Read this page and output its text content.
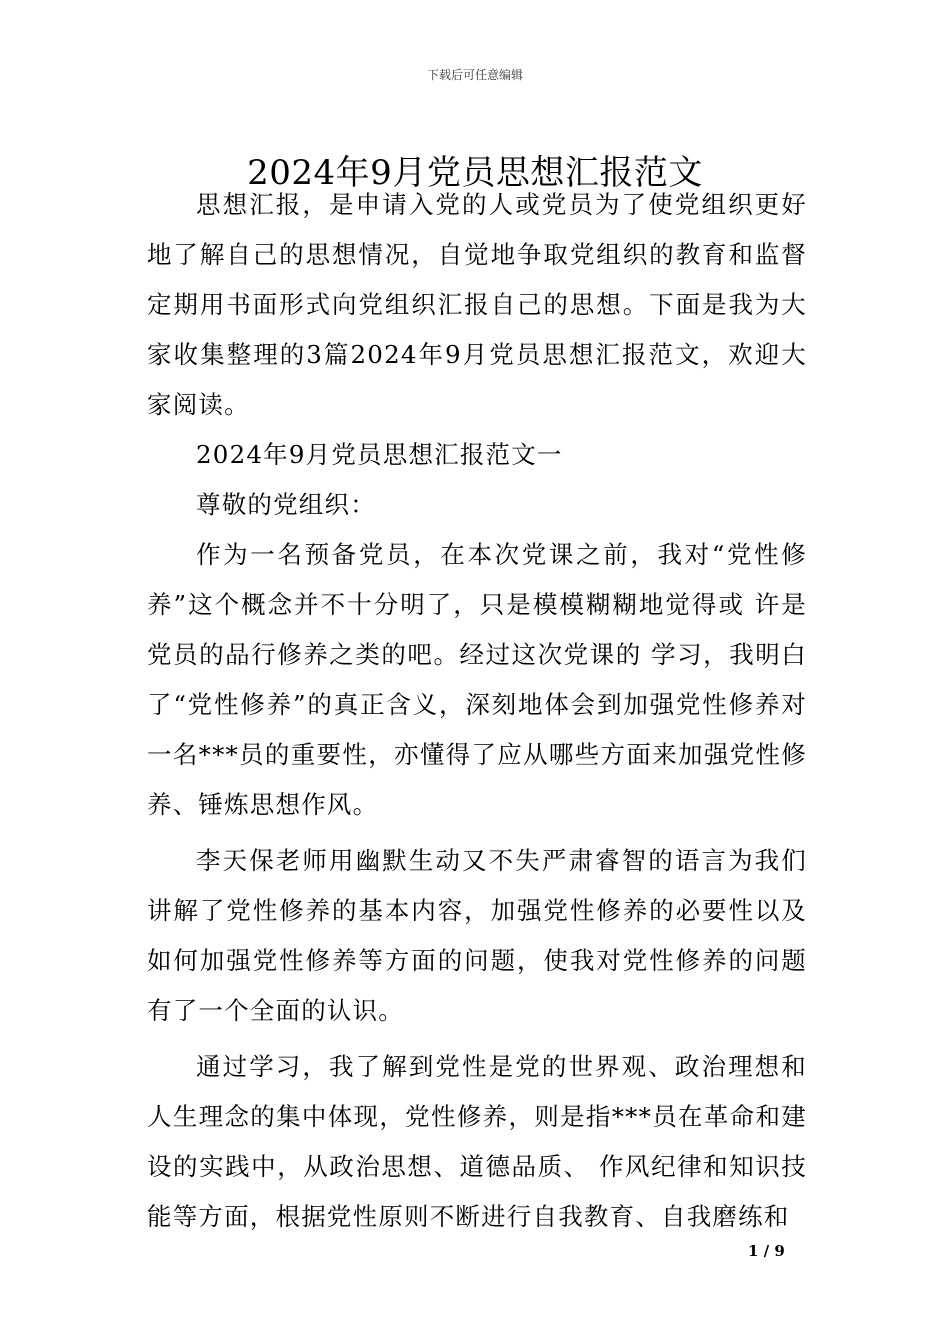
下载后可任意编辑
2024年9月党员思想汇报范文

思想汇报，是申请入党的人或党员为了使党组织更好地了解自己的思想情况，自觉地争取党组织的教育和监督定期用书面形式向党组织汇报自己的思想。下面是我为大家收集整理的3篇2024年9月党员思想汇报范文，欢迎大家阅读。

2024年9月党员思想汇报范文一

尊敬的党组织：

作为一名预备党员，在本次党课之前，我对“党性修养”这个概念并不十分明了，只是模模糊糊地觉得或 许是党员的品行修养之类的吧。经过这次党课的 学习，我明白了“党性修养”的真正含义，深刻地体会到加强党性修养对一名***员的重要性，亦懂得了应从哪些方面来加强党性修养、锤炼思想作风。

李天保老师用幽默生动又不失严肃睿智的语言为我们讲解了党性修养的基本内容，加强党性修养的必要性以及如何加强党性修养等方面的问题，使我对党性修养的问题有了一个全面的认识。

通过学习，我了解到党性是党的世界观、政治理想和人生理念的集中体现，党性修养，则是指***员在革命和建设的实践中，从政治思想、道德品质、 作风纪律和知识技能等方面，根据党性原则不断进行自我教育、自我磨练和

1 / 9
